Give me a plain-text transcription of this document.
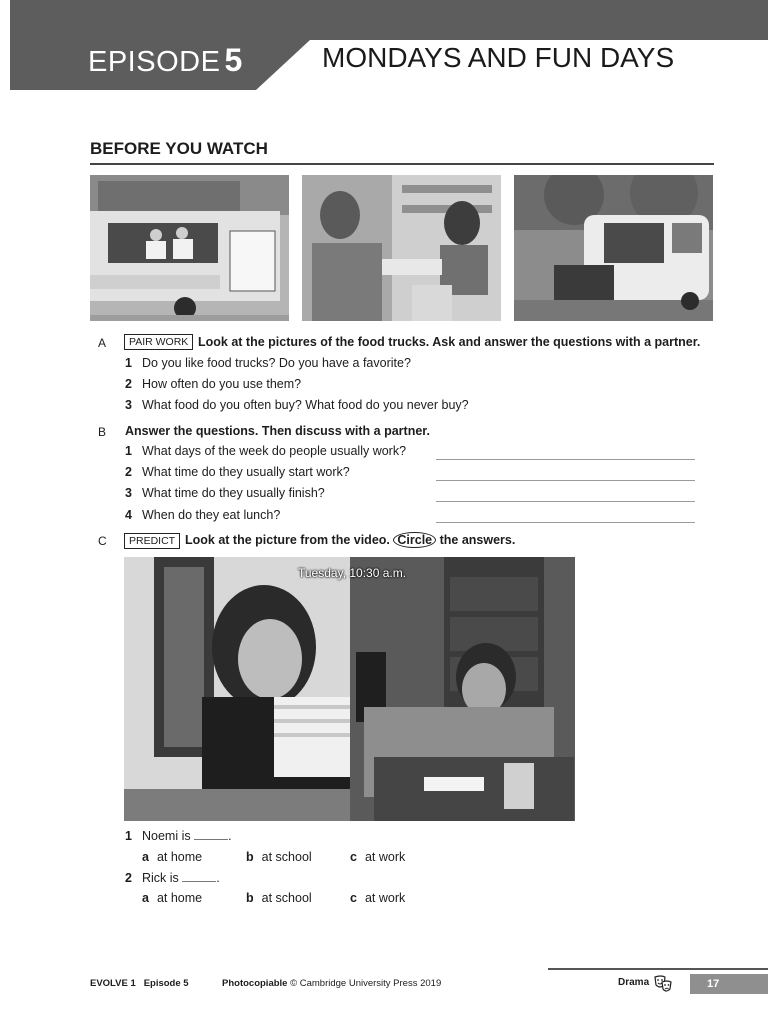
EPISODE 5	MONDAYS AND FUN DAYS
BEFORE YOU WATCH
A	PAIR WORK Look at the pictures of the food trucks. Ask and answer the questions with a partner.
1 Do you like food trucks? Do you have a favorite?
2 How often do you use them?
3 What food do you often buy? What food do you never buy?
B Answer the questions. Then discuss with a partner.
1 What days of the week do people usually work?
2 What time do they usually start work?
3 What time do they usually finish?
4 When do they eat lunch?
C	PREDICT Look at the picture from the video. Circle the answers.
Tuesday, 10:30 a.m.
1 Noemi is	.
a at home	b at school	c at work
2 Rick is	.
a at home	b at school	c at work
EVOLVE 1 Episode 5	Photocopiable © Cambridge University Press 2019	Drama	17
